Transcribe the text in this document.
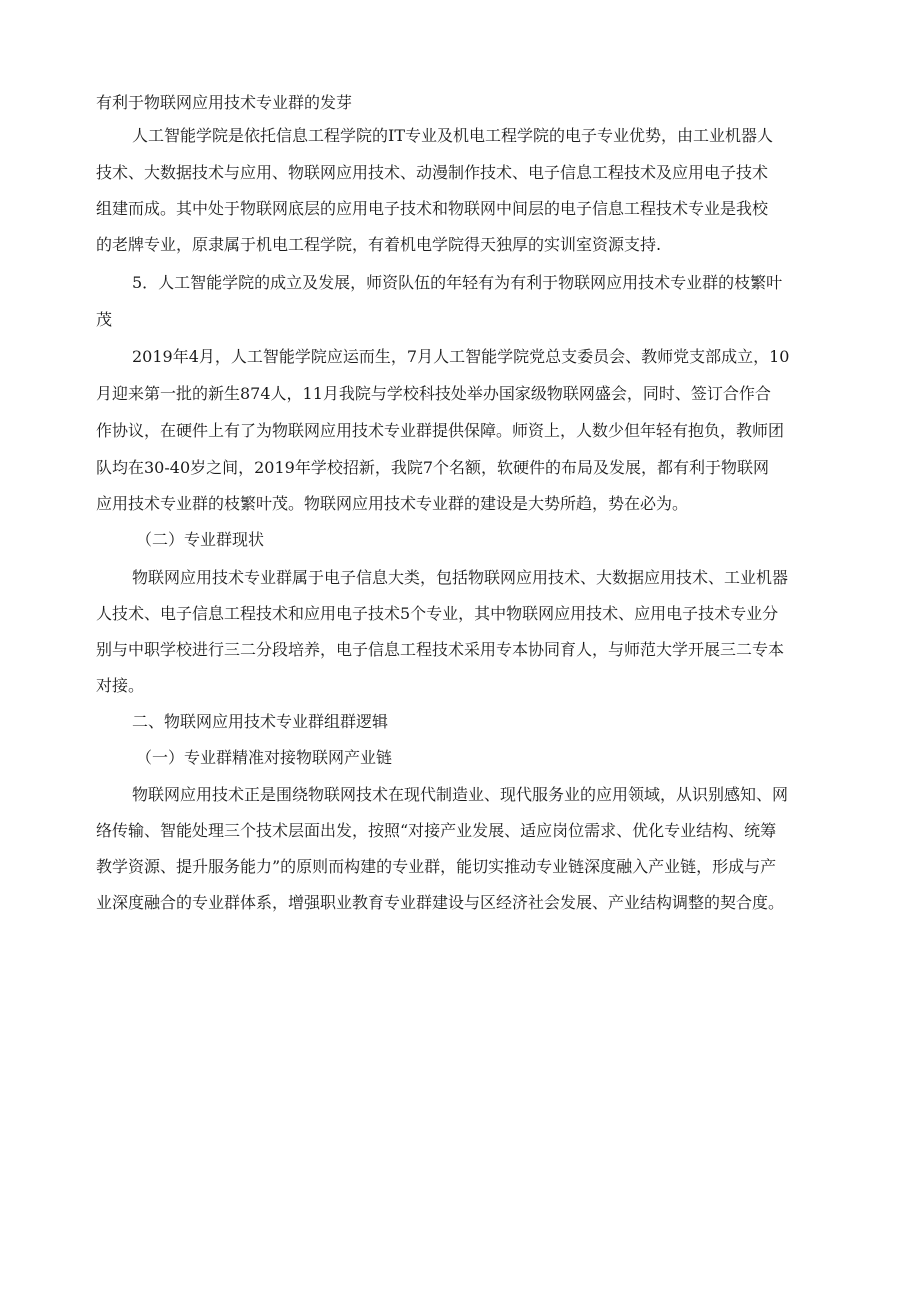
有利于物联网应用技术专业群的发芽
人工智能学院是依托信息工程学院的IT专业及机电工程学院的电子专业优势，由工业机器人
技术、大数据技术与应用、物联网应用技术、动漫制作技术、电子信息工程技术及应用电子技术
组建而成。其中处于物联网底层的应用电子技术和物联网中间层的电子信息工程技术专业是我校
的老牌专业，原隶属于机电工程学院，有着机电学院得天独厚的实训室资源支持.
5．人工智能学院的成立及发展，师资队伍的年轻有为有利于物联网应用技术专业群的枝繁叶
茂
2019年4月，人工智能学院应运而生，7月人工智能学院党总支委员会、教师党支部成立，10
月迎来第一批的新生874人，11月我院与学校科技处举办国家级物联网盛会，同时、签订合作合
作协议，在硬件上有了为物联网应用技术专业群提供保障。师资上，人数少但年轻有抱负，教师团
队均在30-40岁之间，2019年学校招新，我院7个名额，软硬件的布局及发展，都有利于物联网
应用技术专业群的枝繁叶茂。物联网应用技术专业群的建设是大势所趋，势在必为。
（二）专业群现状
物联网应用技术专业群属于电子信息大类，包括物联网应用技术、大数据应用技术、工业机器
人技术、电子信息工程技术和应用电子技术5个专业，其中物联网应用技术、应用电子技术专业分
别与中职学校进行三二分段培养，电子信息工程技术采用专本协同育人，与师范大学开展三二专本
对接。
二、物联网应用技术专业群组群逻辑
（一）专业群精准对接物联网产业链
物联网应用技术正是围绕物联网技术在现代制造业、现代服务业的应用领域，从识别感知、网
络传输、智能处理三个技术层面出发，按照“对接产业发展、适应岗位需求、优化专业结构、统筹
教学资源、提升服务能力”的原则而构建的专业群，能切实推动专业链深度融入产业链，形成与产
业深度融合的专业群体系，增强职业教育专业群建设与区经济社会发展、产业结构调整的契合度。
